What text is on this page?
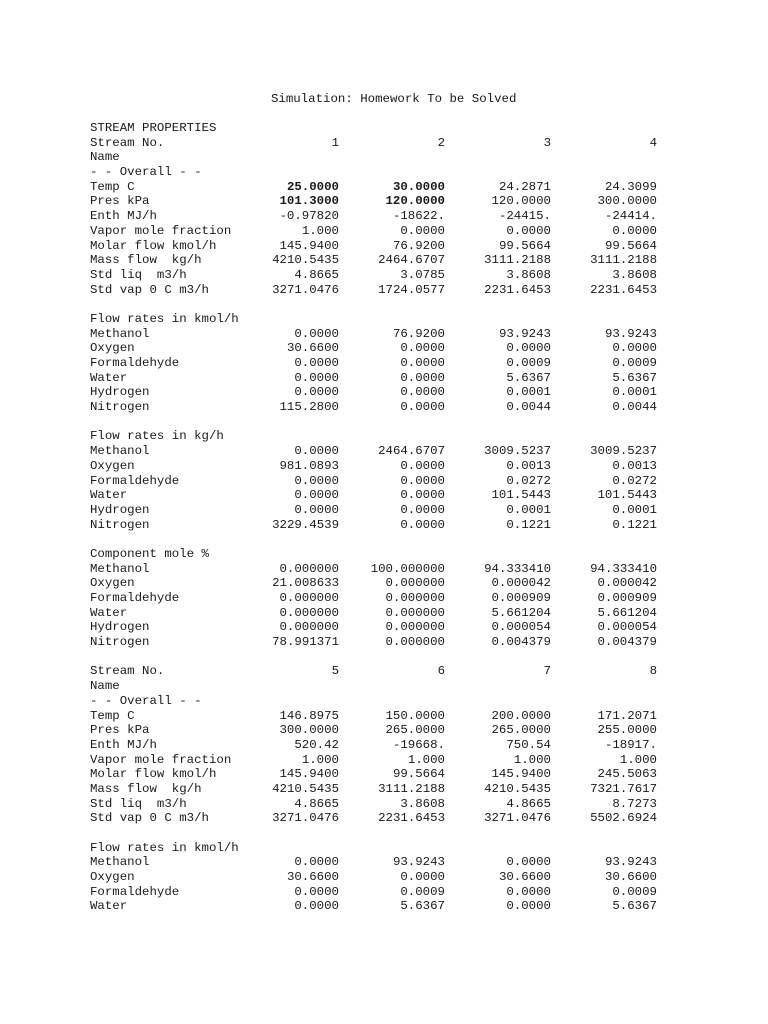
Simulation: Homework To be Solved
STREAM PROPERTIES
Stream No.	1	2	3	4
Name
- - Overall - -
Temp C	25.0000	30.0000	24.2871	24.3099
Pres kPa	101.3000	120.0000	120.0000	300.0000
Enth MJ/h	-0.97820	-18622.	-24415.	-24414.
Vapor mole fraction	1.000	0.0000	0.0000	0.0000
Molar flow kmol/h	145.9400	76.9200	99.5664	99.5664
Mass flow  kg/h	4210.5435	2464.6707	3111.2188	3111.2188
Std liq  m3/h	4.8665	3.0785	3.8608	3.8608
Std vap 0 C m3/h	3271.0476	1724.0577	2231.6453	2231.6453
Flow rates in kmol/h
Methanol	0.0000	76.9200	93.9243	93.9243
Oxygen	30.6600	0.0000	0.0000	0.0000
Formaldehyde	0.0000	0.0000	0.0009	0.0009
Water	0.0000	0.0000	5.6367	5.6367
Hydrogen	0.0000	0.0000	0.0001	0.0001
Nitrogen	115.2800	0.0000	0.0044	0.0044
Flow rates in kg/h
Methanol	0.0000	2464.6707	3009.5237	3009.5237
Oxygen	981.0893	0.0000	0.0013	0.0013
Formaldehyde	0.0000	0.0000	0.0272	0.0272
Water	0.0000	0.0000	101.5443	101.5443
Hydrogen	0.0000	0.0000	0.0001	0.0001
Nitrogen	3229.4539	0.0000	0.1221	0.1221
Component mole %
Methanol	0.000000	100.000000	94.333410	94.333410
Oxygen	21.008633	0.000000	0.000042	0.000042
Formaldehyde	0.000000	0.000000	0.000909	0.000909
Water	0.000000	0.000000	5.661204	5.661204
Hydrogen	0.000000	0.000000	0.000054	0.000054
Nitrogen	78.991371	0.000000	0.004379	0.004379
Stream No.	5	6	7	8
Name
- - Overall - -
Temp C	146.8975	150.0000	200.0000	171.2071
Pres kPa	300.0000	265.0000	265.0000	255.0000
Enth MJ/h	520.42	-19668.	750.54	-18917.
Vapor mole fraction	1.000	1.000	1.000	1.000
Molar flow kmol/h	145.9400	99.5664	145.9400	245.5063
Mass flow  kg/h	4210.5435	3111.2188	4210.5435	7321.7617
Std liq  m3/h	4.8665	3.8608	4.8665	8.7273
Std vap 0 C m3/h	3271.0476	2231.6453	3271.0476	5502.6924
Flow rates in kmol/h
Methanol	0.0000	93.9243	0.0000	93.9243
Oxygen	30.6600	0.0000	30.6600	30.6600
Formaldehyde	0.0000	0.0009	0.0000	0.0009
Water	0.0000	5.6367	0.0000	5.6367
